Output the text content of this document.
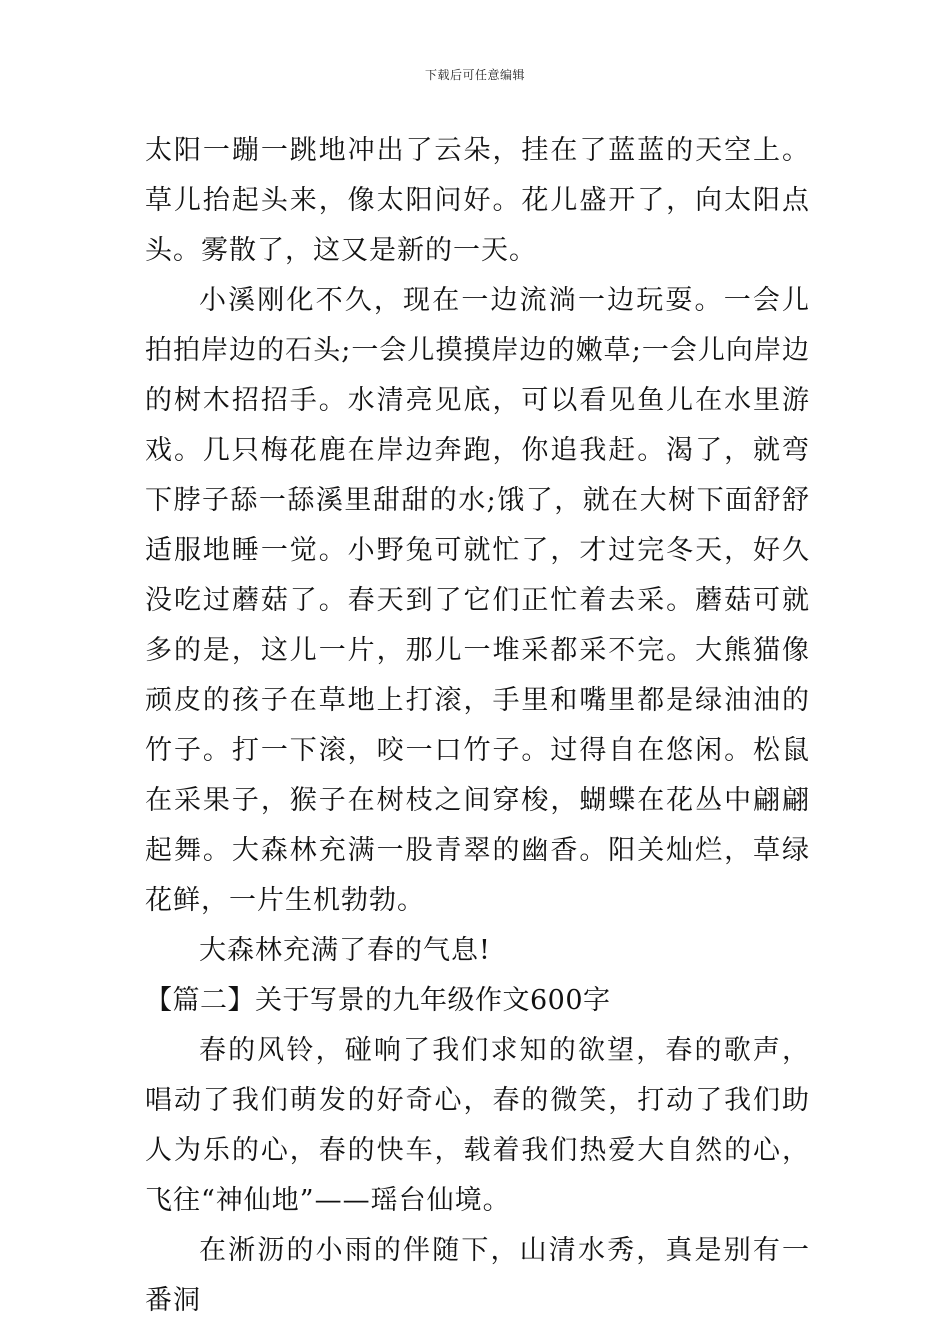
下载后可任意编辑

太阳一蹦一跳地冲出了云朵，挂在了蓝蓝的天空上。草儿抬起头来，像太阳问好。花儿盛开了，向太阳点头。雾散了，这又是新的一天。

小溪刚化不久，现在一边流淌一边玩耍。一会儿拍拍岸边的石头;一会儿摸摸岸边的嫩草;一会儿向岸边的树木招招手。水清亮见底，可以看见鱼儿在水里游戏。几只梅花鹿在岸边奔跑，你追我赶。渴了，就弯下脖子舔一舔溪里甜甜的水;饿了，就在大树下面舒舒适服地睡一觉。小野兔可就忙了，才过完冬天，好久没吃过蘑菇了。春天到了它们正忙着去采。蘑菇可就多的是，这儿一片，那儿一堆采都采不完。大熊猫像顽皮的孩子在草地上打滚，手里和嘴里都是绿油油的竹子。打一下滚，咬一口竹子。过得自在悠闲。松鼠在采果子，猴子在树枝之间穿梭，蝴蝶在花丛中翩翩起舞。大森林充满一股青翠的幽香。阳关灿烂，草绿花鲜，一片生机勃勃。

大森林充满了春的气息!

【篇二】关于写景的九年级作文600字

春的风铃，碰响了我们求知的欲望，春的歌声，唱动了我们萌发的好奇心，春的微笑，打动了我们助人为乐的心，春的快车，载着我们热爱大自然的心，飞往“神仙地”——瑶台仙境。

在淅沥的小雨的伴随下，山清水秀，真是别有一番洞
